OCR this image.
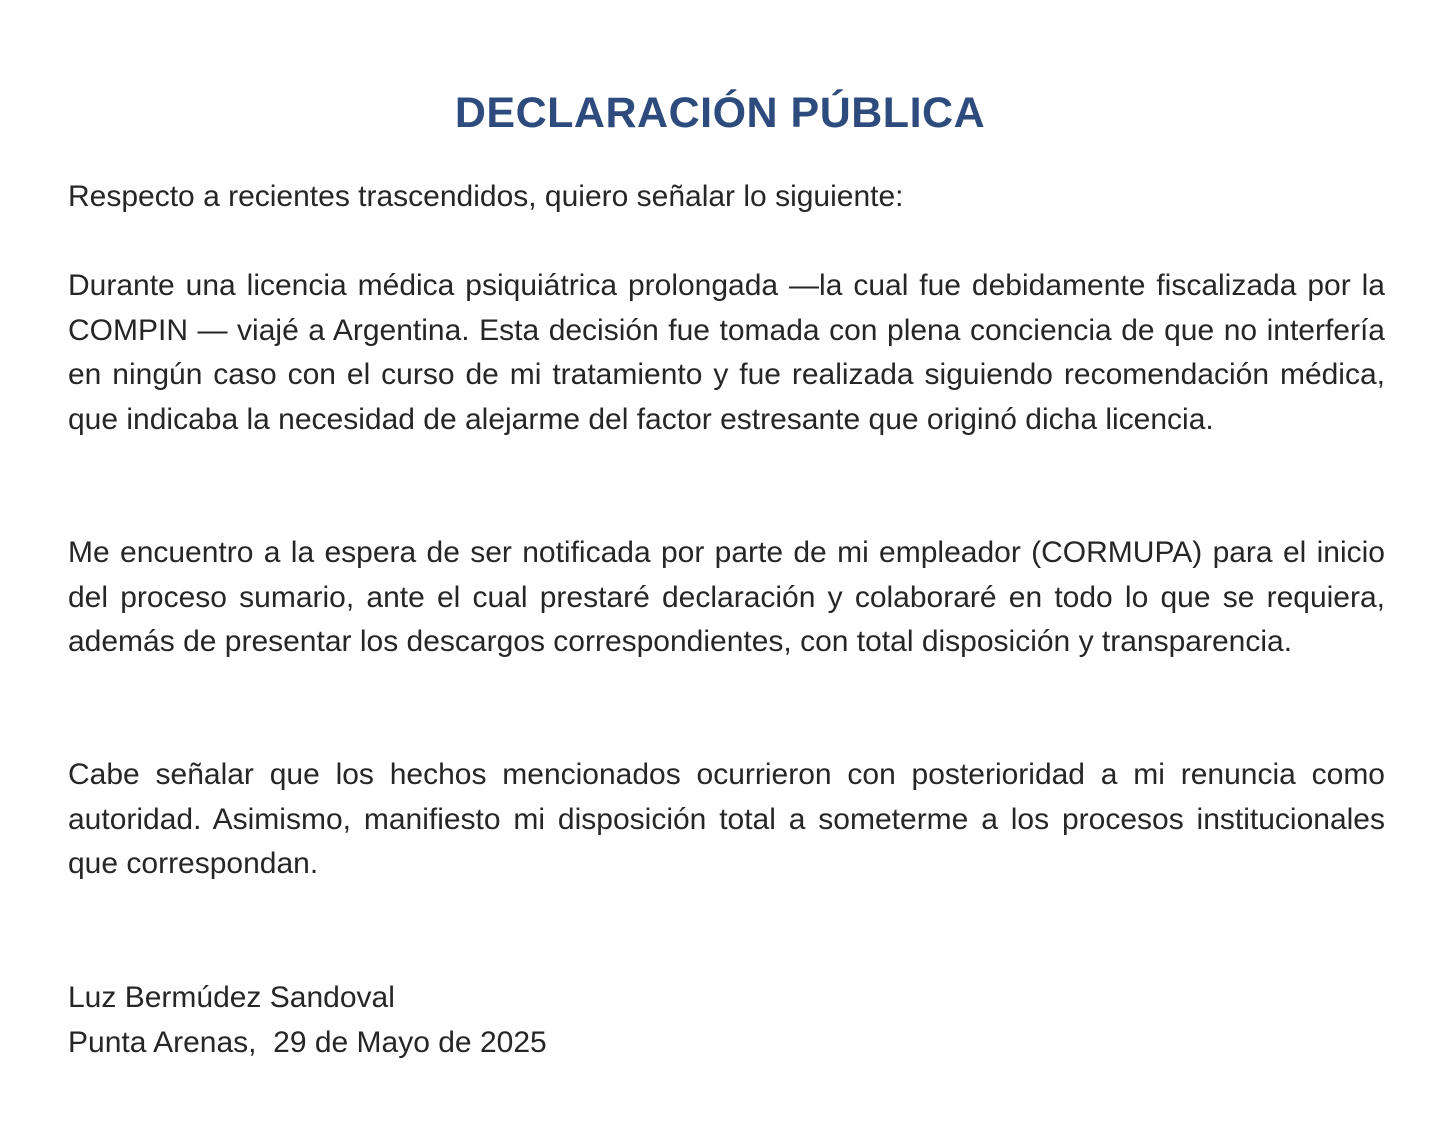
DECLARACIÓN PÚBLICA

Respecto a recientes trascendidos, quiero señalar lo siguiente:

Durante una licencia médica psiquiátrica prolongada —la cual fue debidamente fiscalizada por la COMPIN — viajé a Argentina. Esta decisión fue tomada con plena conciencia de que no interfería en ningún caso con el curso de mi tratamiento y fue realizada siguiendo recomendación médica, que indicaba la necesidad de alejarme del factor estresante que originó dicha licencia.

Me encuentro a la espera de ser notificada por parte de mi empleador (CORMUPA) para el inicio del proceso sumario, ante el cual prestaré declaración y colaboraré en todo lo que se requiera, además de presentar los descargos correspondientes, con total disposición y transparencia.

Cabe señalar que los hechos mencionados ocurrieron con posterioridad a mi renuncia como autoridad. Asimismo, manifiesto mi disposición total a someterme a los procesos institucionales que correspondan.

Luz Bermúdez Sandoval
Punta Arenas,  29 de Mayo de 2025
